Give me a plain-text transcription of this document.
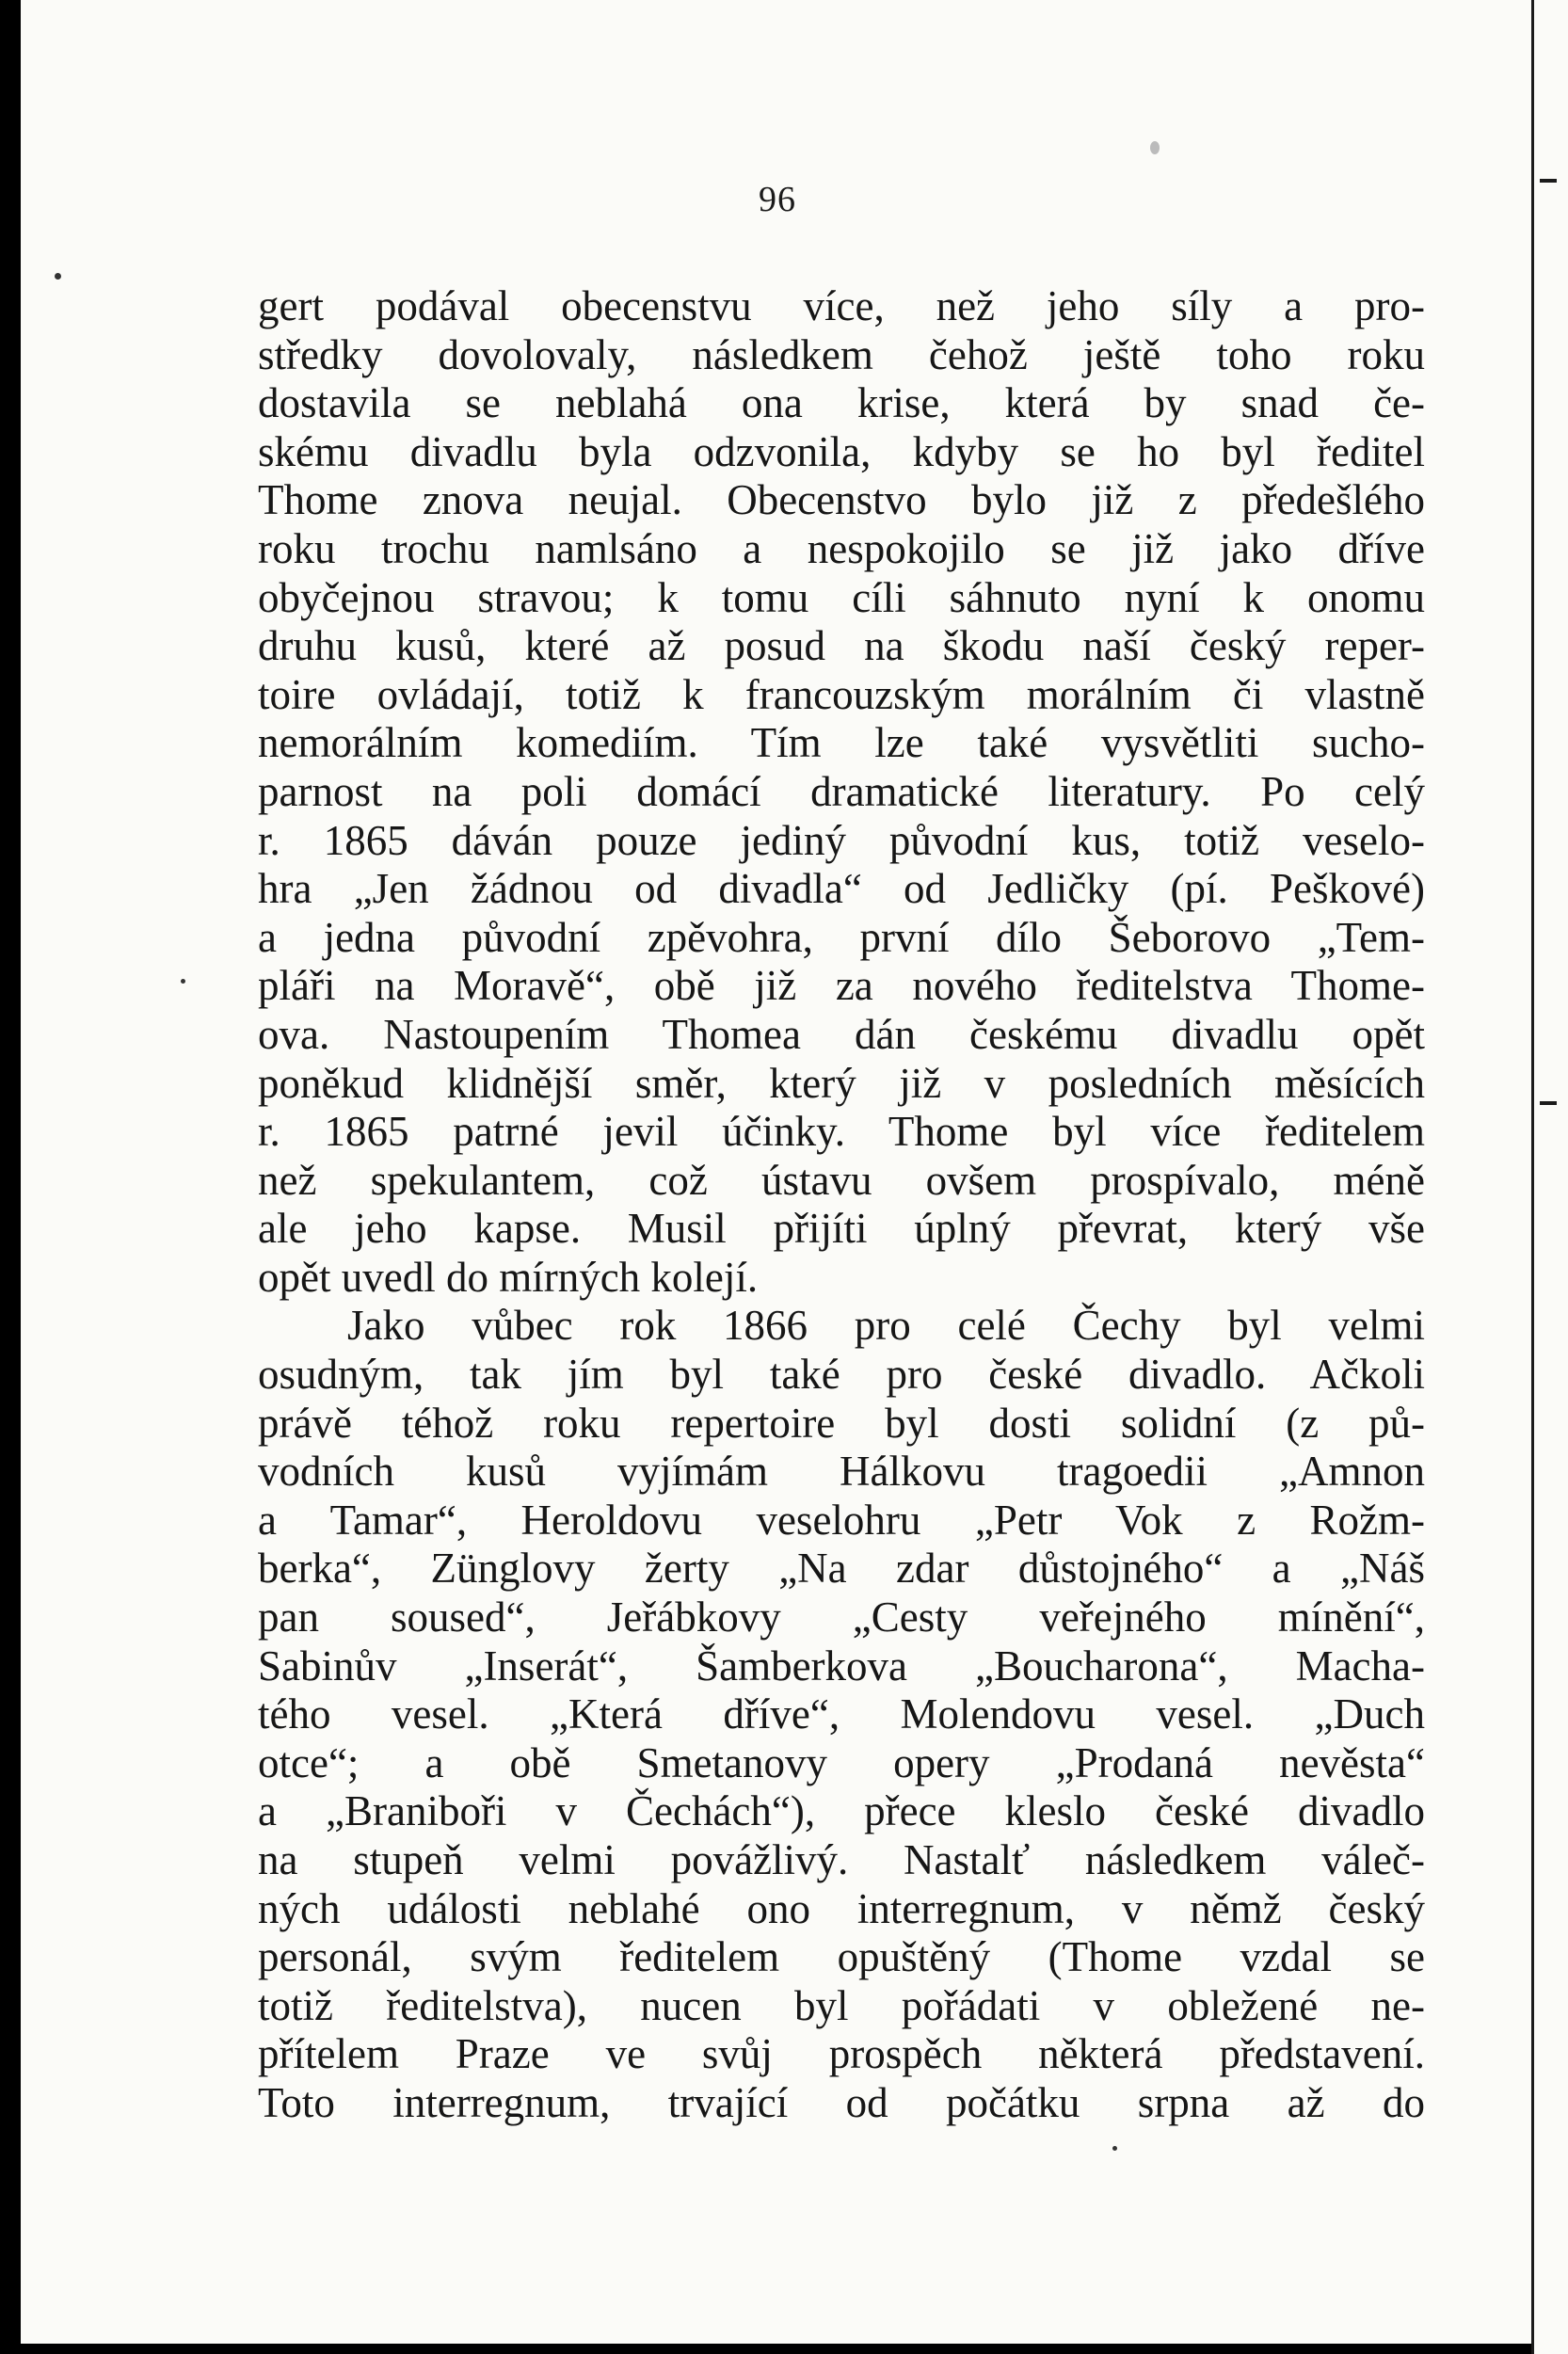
96
gert podával obecenstvu více, než jeho síly a pro-
středky dovolovaly, následkem čehož ještě toho roku
dostavila se neblahá ona krise, která by snad če-
skému divadlu byla odzvonila, kdyby se ho byl ředitel
Thome znova neujal. Obecenstvo bylo již z předešlého
roku trochu namlsáno a nespokojilo se již jako dříve
obyčejnou stravou; k tomu cíli sáhnuto nyní k onomu
druhu kusů, které až posud na škodu naší český reper-
toire ovládají, totiž k francouzským morálním či vlastně
nemorálním komediím. Tím lze také vysvětliti sucho-
parnost na poli domácí dramatické literatury. Po celý
r. 1865 dáván pouze jediný původní kus, totiž veselo-
hra „Jen žádnou od divadla“ od Jedličky (pí. Peškové)
a jedna původní zpěvohra, první dílo Šeborovo „Tem-
pláři na Moravě“, obě již za nového ředitelstva Thome-
ova. Nastoupením Thomea dán českému divadlu opět
poněkud klidnější směr, který již v posledních měsících
r. 1865 patrné jevil účinky. Thome byl více ředitelem
než spekulantem, což ústavu ovšem prospívalo, méně
ale jeho kapse. Musil přijíti úplný převrat, který vše
opět uvedl do mírných kolejí.
Jako vůbec rok 1866 pro celé Čechy byl velmi
osudným, tak jím byl také pro české divadlo. Ačkoli
právě téhož roku repertoire byl dosti solidní (z pů-
vodních kusů vyjímám Hálkovu tragoedii „Amnon
a Tamar“, Heroldovu veselohru „Petr Vok z Rožm-
berka“, Zünglovy žerty „Na zdar důstojného“ a „Náš
pan soused“, Jeřábkovy „Cesty veřejného mínění“,
Sabinův „Inserát“, Šamberkova „Boucharona“, Macha-
tého vesel. „Která dříve“, Molendovu vesel. „Duch
otce“; a obě Smetanovy opery „Prodaná nevěsta“
a „Braniboři v Čechách“), přece kleslo české divadlo
na stupeň velmi povážlivý. Nastalť následkem váleč-
ných události neblahé ono interregnum, v němž český
personál, svým ředitelem opuštěný (Thome vzdal se
totiž ředitelstva), nucen byl pořádati v obležené ne-
přítelem Praze ve svůj prospěch některá představení.
Toto interregnum, trvající od počátku srpna až do
